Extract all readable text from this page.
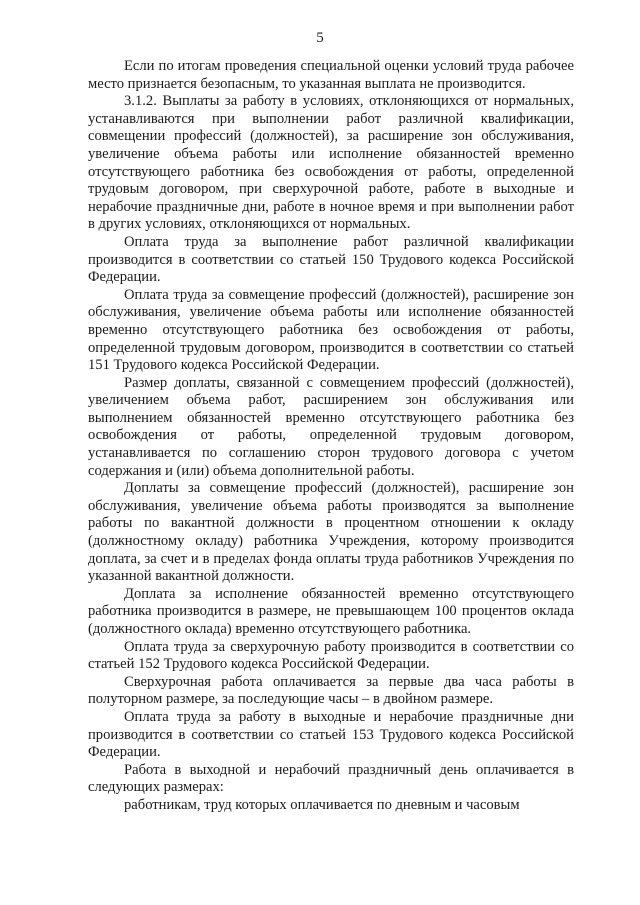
5

Если по итогам проведения специальной оценки условий труда рабочее место признается безопасным, то указанная выплата не производится.

3.1.2. Выплаты за работу в условиях, отклоняющихся от нормальных, устанавливаются при выполнении работ различной квалификации, совмещении профессий (должностей), за расширение зон обслуживания, увеличение объема работы или исполнение обязанностей временно отсутствующего работника без освобождения от работы, определенной трудовым договором, при сверхурочной работе, работе в выходные и нерабочие праздничные дни, работе в ночное время и при выполнении работ в других условиях, отклоняющихся от нормальных.

Оплата труда за выполнение работ различной квалификации производится в соответствии со статьей 150 Трудового кодекса Российской Федерации.

Оплата труда за совмещение профессий (должностей), расширение зон обслуживания, увеличение объема работы или исполнение обязанностей временно отсутствующего работника без освобождения от работы, определенной трудовым договором, производится в соответствии со статьей 151 Трудового кодекса Российской Федерации.

Размер доплаты, связанной с совмещением профессий (должностей), увеличением объема работ, расширением зон обслуживания или выполнением обязанностей временно отсутствующего работника без освобождения от работы, определенной трудовым договором, устанавливается по соглашению сторон трудового договора с учетом содержания и (или) объема дополнительной работы.

Доплаты за совмещение профессий (должностей), расширение зон обслуживания, увеличение объема работы производятся за выполнение работы по вакантной должности в процентном отношении к окладу (должностному окладу) работника Учреждения, которому производится доплата, за счет и в пределах фонда оплаты труда работников Учреждения по указанной вакантной должности.

Доплата за исполнение обязанностей временно отсутствующего работника производится в размере, не превышающем 100 процентов оклада (должностного оклада) временно отсутствующего работника.

Оплата труда за сверхурочную работу производится в соответствии со статьей 152 Трудового кодекса Российской Федерации.

Сверхурочная работа оплачивается за первые два часа работы в полуторном размере, за последующие часы – в двойном размере.

Оплата труда за работу в выходные и нерабочие праздничные дни производится в соответствии со статьей 153 Трудового кодекса Российской Федерации.

Работа в выходной и нерабочий праздничный день оплачивается в следующих размерах:

работникам, труд которых оплачивается по дневным и часовым
